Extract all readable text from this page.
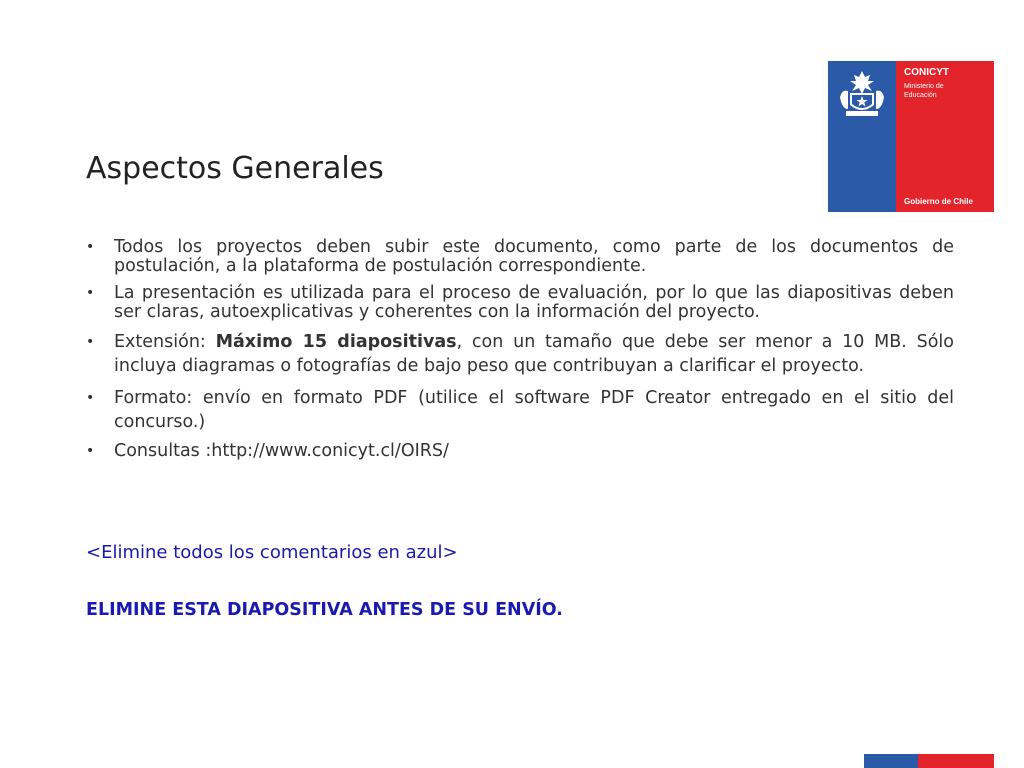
CONICYT
Ministerio de Educación
Gobierno de Chile
Aspectos Generales
• Todos los proyectos deben subir este documento, como parte de los documentos de postulación, a la plataforma de postulación correspondiente.
• La presentación es utilizada para el proceso de evaluación, por lo que las diapositivas deben ser claras, autoexplicativas y coherentes con la información del proyecto.
• Extensión: Máximo 15 diapositivas, con un tamaño que debe ser menor a 10 MB. Sólo incluya diagramas o fotografías de bajo peso que contribuyan a clarificar el proyecto.
• Formato: envío en formato PDF (utilice el software PDF Creator entregado en el sitio del concurso.)
• Consultas :http://www.conicyt.cl/OIRS/
<Elimine todos los comentarios en azul>
ELIMINE ESTA DIAPOSITIVA ANTES DE SU ENVÍO.
